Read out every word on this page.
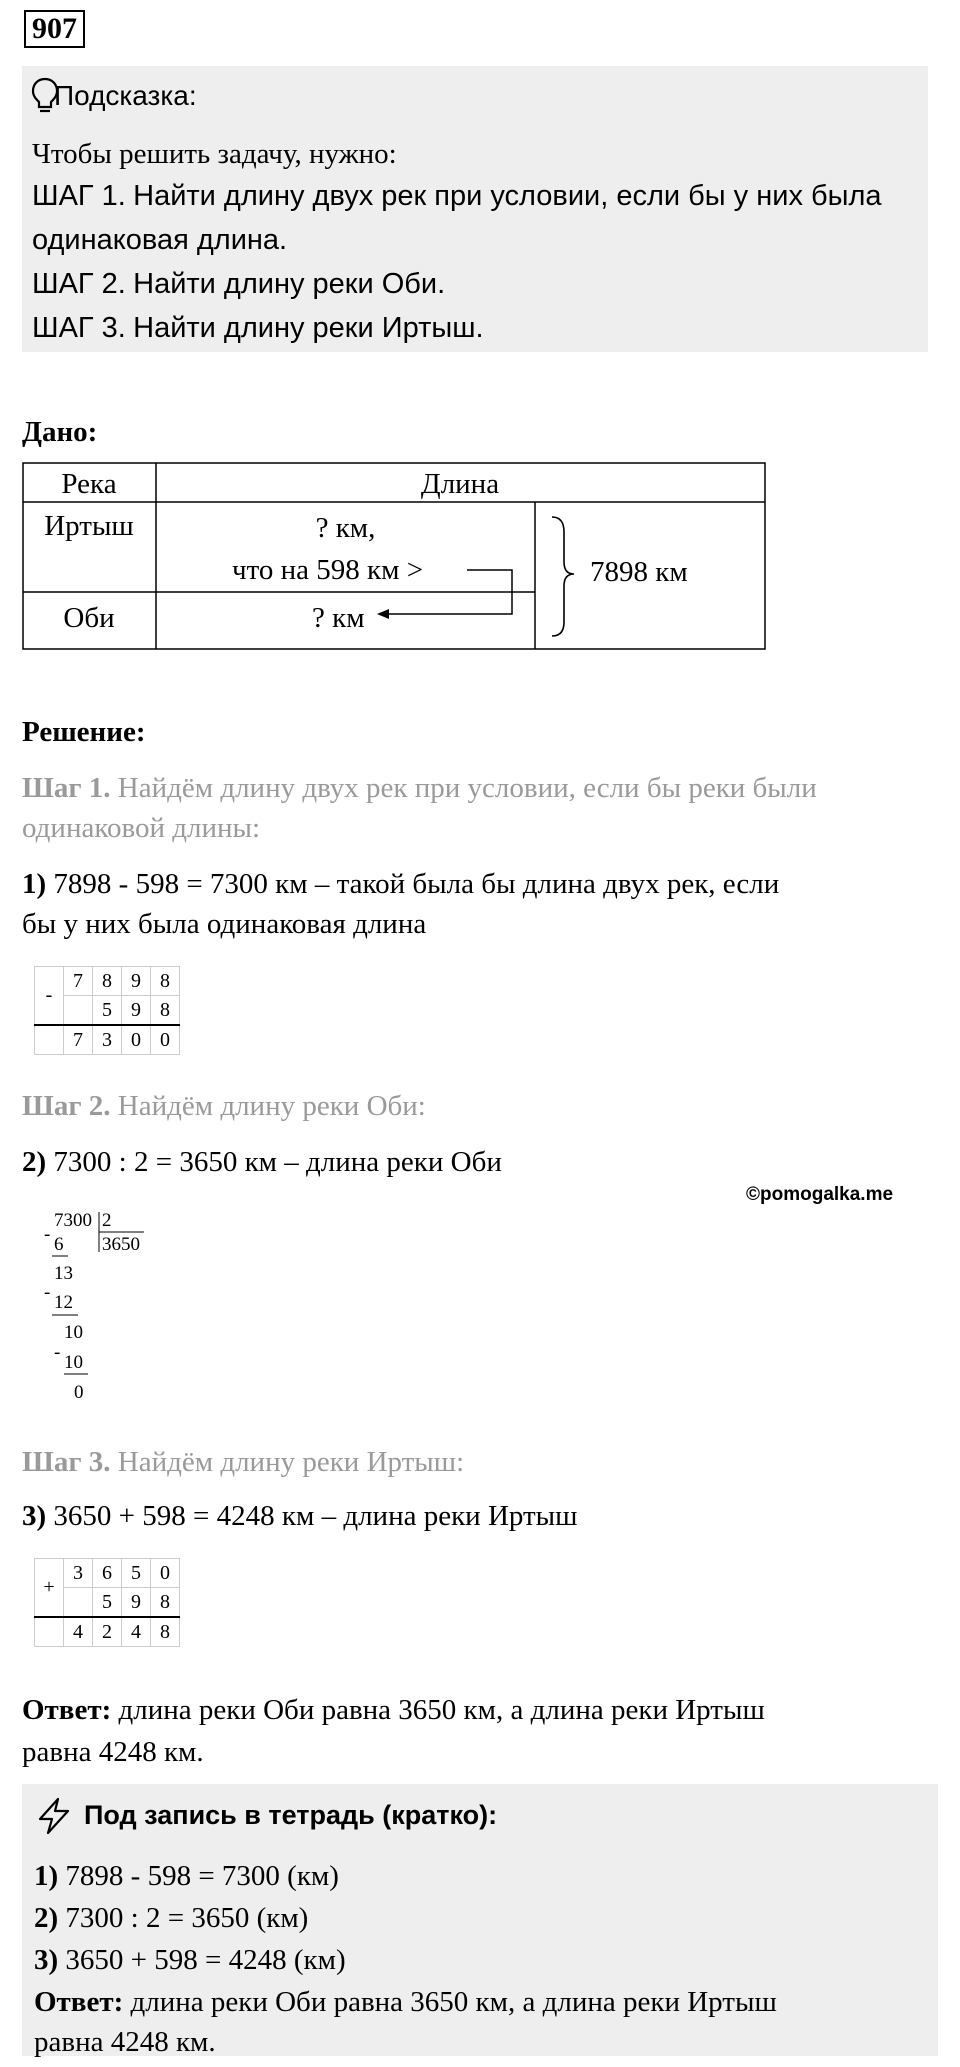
907
Подсказка:
Чтобы решить задачу, нужно:
ШАГ 1. Найти длину двух рек при условии, если бы у них была
одинаковая длина.
ШАГ 2. Найти длину реки Оби.
ШАГ 3. Найти длину реки Иртыш.
Дано:
Река	Длина
Иртыш	? км,
что на 598 км >
Оби	? км
7898 км
Решение:
Шаг 1. Найдём длину двух рек при условии, если бы реки были
одинаковой длины:
1) 7898 - 598 = 7300 км – такой была бы длина двух рек, если
бы у них была одинаковая длина
-	7	8	9	8
		5	9	8
	7	3	0	0
Шаг 2. Найдём длину реки Оби:
2) 7300 : 2 = 3650 км – длина реки Оби
©pomogalka.me
7300 2
3650
- 6
13
- 12
10
- 10
0
Шаг 3. Найдём длину реки Иртыш:
3) 3650 + 598 = 4248 км – длина реки Иртыш
+	3	6	5	0
		5	9	8
	4	2	4	8
Ответ: длина реки Оби равна 3650 км, а длина реки Иртыш
равна 4248 км.
Под запись в тетрадь (кратко):
1) 7898 - 598 = 7300 (км)
2) 7300 : 2 = 3650 (км)
3) 3650 + 598 = 4248 (км)
Ответ: длина реки Оби равна 3650 км, а длина реки Иртыш
равна 4248 км.
